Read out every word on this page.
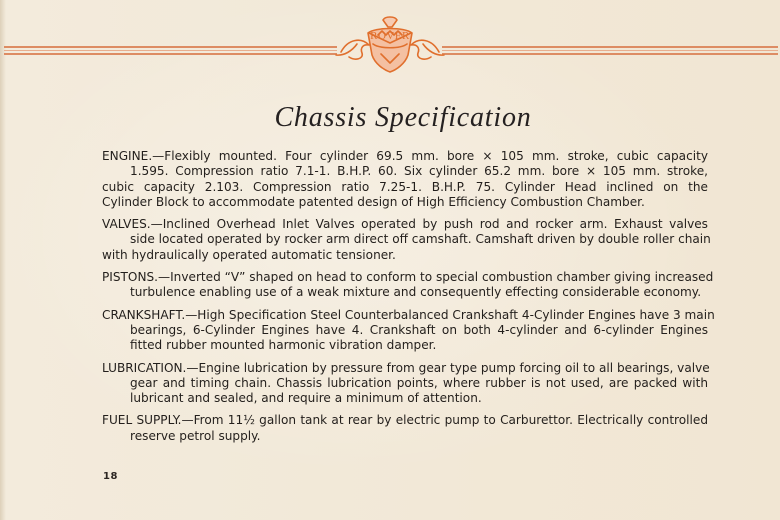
ROVER
Chassis Specification
ENGINE.—Flexibly mounted. Four cylinder 69.5 mm. bore × 105 mm. stroke, cubic capacity
1.595. Compression ratio 7.1-1. B.H.P. 60. Six cylinder 65.2 mm. bore × 105 mm. stroke,
cubic capacity 2.103. Compression ratio 7.25-1. B.H.P. 75. Cylinder Head inclined on the
Cylinder Block to accommodate patented design of High Efficiency Combustion Chamber.
VALVES.—Inclined Overhead Inlet Valves operated by push rod and rocker arm. Exhaust valves
side located operated by rocker arm direct off camshaft. Camshaft driven by double roller chain
with hydraulically operated automatic tensioner.
PISTONS.—Inverted “V” shaped on head to conform to special combustion chamber giving increased
turbulence enabling use of a weak mixture and consequently effecting considerable economy.
CRANKSHAFT.—High Specification Steel Counterbalanced Crankshaft 4-Cylinder Engines have 3 main
bearings, 6-Cylinder Engines have 4. Crankshaft on both 4-cylinder and 6-cylinder Engines
fitted rubber mounted harmonic vibration damper.
LUBRICATION.—Engine lubrication by pressure from gear type pump forcing oil to all bearings, valve
gear and timing chain. Chassis lubrication points, where rubber is not used, are packed with
lubricant and sealed, and require a minimum of attention.
FUEL SUPPLY.—From 11½ gallon tank at rear by electric pump to Carburettor. Electrically controlled
reserve petrol supply.
18
